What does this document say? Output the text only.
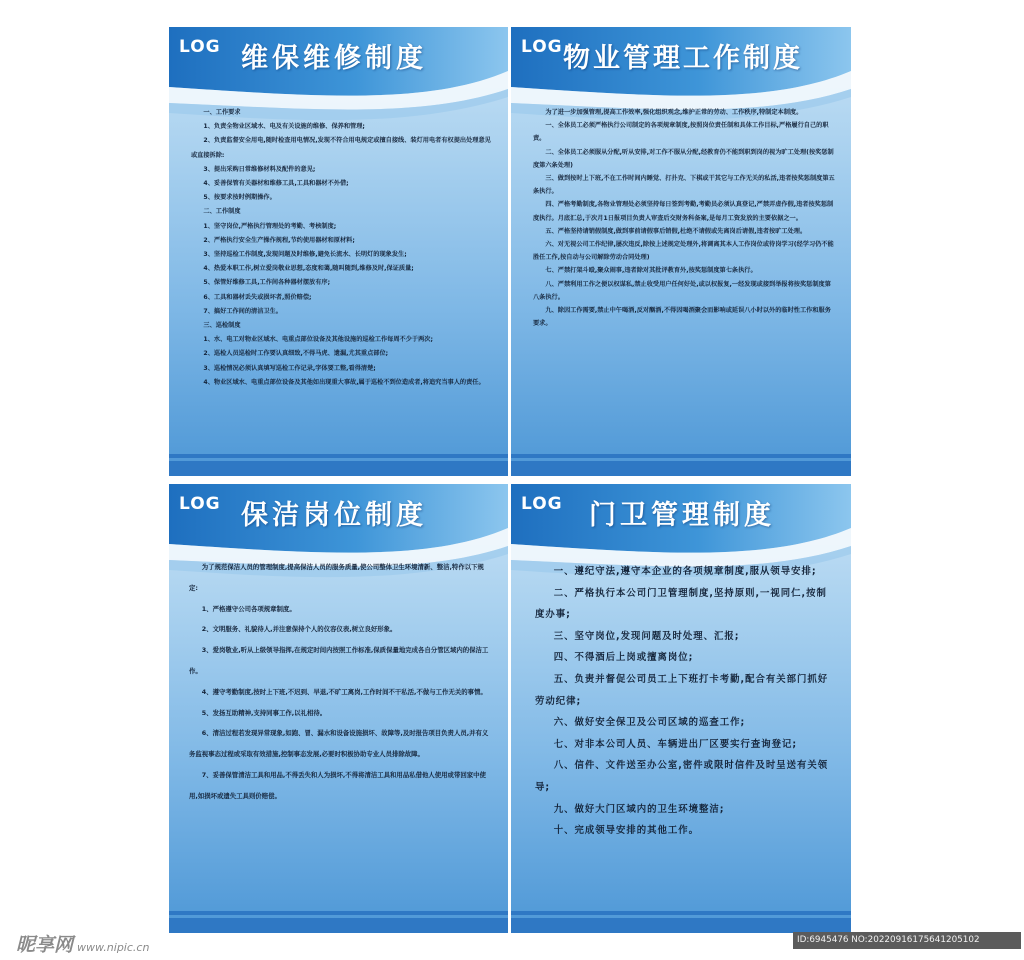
LOG 维保维修制度

一、工作要求

1、负责全物业区域水、电及有关设施的维修、保养和管理;

2、负责监督安全用电,随时检查用电情况,发现不符合用电规定或擅自接线、装灯用电者有权提出处理意见或直接拆除:

3、提出采购日常维修材料及配件的意见;

4、妥善保管有关器材和维修工具,工具和器材不外借;

5、按要求按时例期操作。

二、工作制度

1、坚守岗位,严格执行管理处的考勤、考核制度;

2、严格执行安全生产操作规程,节约使用器材和原材料;

3、坚持巡检工作制度,发现问题及时维修,避免长流水、长明灯的现象发生;

4、热爱本职工作,树立爱岗敬业思想,态度和蔼,随叫随到,维修及时,保证质量;

5、保管好维修工具,工作间各种器材摆放有序;

6、工具和器材丢失或损坏者,照价赔偿;

7、搞好工作间的清洁卫生。

三、巡检制度

1、水、电工对物业区域水、电重点部位设备及其他设施的巡检工作每周不少于两次;

2、巡检人员巡检时工作要认真细致,不得马虎、遗漏,尤其重点部位;

3、巡检情况必须认真填写巡检工作记录,字体要工整,看得清楚;

4、物业区域水、电重点部位设备及其他如出现重大事故,属于巡检不到位造成者,将追究当事人的责任。

LOG 物业管理工作制度

为了进一步加强管理,提高工作效率,强化组织观念,维护正常的劳动、工作秩序,特制定本制度。

一、全体员工必须严格执行公司制定的各项规章制度,按照岗位责任制和具体工作目标,严格履行自己的职责。

二、全体员工必须服从分配,听从安排,对工作不服从分配,经教育仍不能到职到岗的视为旷工处理(按奖惩制度第六条处理)

三、做到按时上下班,不在工作时间内睡觉、打扑克、下棋或干其它与工作无关的私活,违者按奖惩制度第五条执行。

四、严格考勤制度,各物业管理处必须坚持每日签到考勤,考勤员必须认真登记,严禁弄虚作假,违者按奖惩制度执行。月底汇总,于次月1日报项目负责人审查后交财务科备案,是每月工资发放的主要依据之一。

五、严格坚持请销假制度,做到事前请假事后销假,杜绝不请假或先离岗后请假,违者按旷工处理。

六、对无视公司工作纪律,屡次违反,除按上述规定处理外,将调离其本人工作岗位或待岗学习(经学习仍不能胜任工作,按自动与公司解除劳动合同处理)

七、严禁打架斗殴,聚众闹事,违者除对其批评教育外,按奖惩制度第七条执行。

八、严禁利用工作之便以权谋私,禁止收受用户任何好处,或以权报复,一经发现或接到举报将按奖惩制度第八条执行。

九、除因工作需要,禁止中午喝酒,反对酗酒,不得因喝酒聚会而影响或延误八小时以外的临时性工作和服务要求。

LOG 保洁岗位制度

为了规范保洁人员的管理制度,提高保洁人员的服务质量,使公司整体卫生环境清新、整洁,特作以下规定:

1、严格遵守公司各项规章制度。

2、文明服务、礼貌待人,并注意保持个人的仪容仪表,树立良好形象。

3、爱岗敬业,听从上级领导指挥,在规定时间内按照工作标准,保质保量地完成各自分管区域内的保洁工作。

4、遵守考勤制度,按时上下班,不迟到、早退,不旷工离岗,工作时间不干私活,不做与工作无关的事情。

5、发扬互助精神,支持同事工作,以礼相待。

6、清洁过程若发现异常现象,如跑、冒、漏水和设备设施损坏、故障等,及时报告项目负责人员,并有义务监视事态过程或采取有效措施,控制事态发展,必要时积极协助专业人员排除故障。

7、妥善保管清洁工具和用品,不得丢失和人为损坏,不得将清洁工具和用品私借他人使用或带回家中使用,如损坏或遗失工具则价赔偿。

LOG 门卫管理制度

一、遵纪守法,遵守本企业的各项规章制度,服从领导安排;

二、严格执行本公司门卫管理制度,坚持原则,一视同仁,按制度办事;

三、坚守岗位,发现问题及时处理、汇报;

四、不得酒后上岗或擅离岗位;

五、负责并督促公司员工上下班打卡考勤,配合有关部门抓好劳动纪律;

六、做好安全保卫及公司区域的巡查工作;

七、对非本公司人员、车辆进出厂区要实行查询登记;

八、信件、文件送至办公室,密件或限时信件及时呈送有关领导;

九、做好大门区域内的卫生环境整洁;

十、完成领导安排的其他工作。

昵享网 www.nipic.cn
ID:6945476 NO:20220916175641205102
